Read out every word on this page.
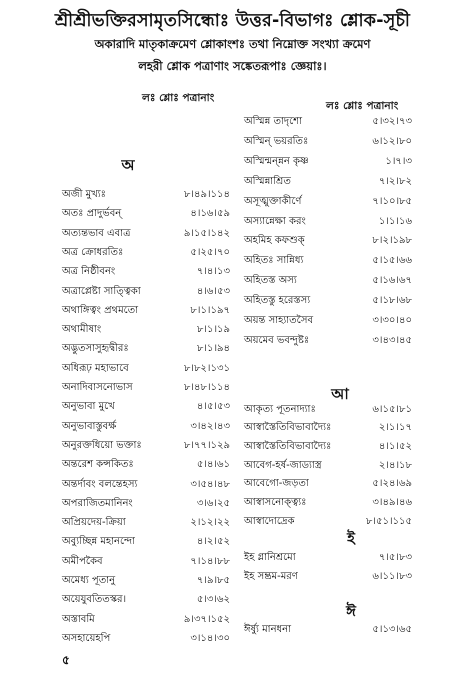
শ্রীশ্রীভক্তিরসামৃতসিন্ধোঃ উত্তর-বিভাগঃ শ্লোক-সূচী
অকারাদি মাতৃকাক্রমেণ শ্লোকাংশঃ তথা নিম্নোক্ত সংখ্যা ক্রমেণ
লহরী শ্লোক পত্রাণাং সঙ্কেতরূপাঃ জ্ঞেয়াঃ।
লঃ শ্লোঃ পত্রানাং
লঃ শ্লোঃ পত্রানাং
অ
অজী মুখ্যঃ	৮।৪৯।১১৪
অতঃ প্রাদুর্ভবন্	৪।১৬।৫৯
অত্যন্তভাব এবাত্র	৯।১৫।১৪২
অত্র ক্রোধরতিঃ	৫।২৫।৭০
অত্র নিষ্ঠীবনং	৭।৪।১৩
অত্রাপ্লেষ্টা সাত্ত্বিকা	৪।৬।৫৩
অথাঙ্গিত্বং প্রথমতো	৮।১।১৯৭
অথামীষাং	৮।১।১৯
অদ্ভুতসাসুহৃদ্বীরঃ	৮।১।৯৪
অধিরূঢ় মহাভাবে	৮।৮২।১৩১
অনাদিবাসনোভাস	৮।৪৮।১১৪
অনুভাবা মুখে	৪।৫।৫৩
অনুভাবাস্তুবর্ক্ষ	৩।৪২।৪৩
অনুরক্তধিয়ো ভক্তাঃ	৮।৭৭।১২৯
অন্তরেশ কন্সকিতঃ	৫।৪।৬১
অন্তর্দাবং বলন্তেহস্য	৩।৫৪।৪৮
অপরাজিতমানিনং	৩।৬।২৫
অপ্রিয়দেয়-ক্রিয়া	২।১২।২২
অব্যুচ্ছিন্ন মহানন্দো	৪।২।৫২
অমীপকৈব	৭।১৪।৮৮
অমেধ্য পূতানু	৭।৯।৮৫
অয়েযুবতিতস্কর।	৫।৩।৬২
অস্তাবমি	৯।৩৭।১৫২
অসহায়েহপি	৩।১৪।৩০
অস্মিন্ন তাদৃশো	৫।৩২।৭৩
অস্মিন্ ভয়রতিঃ	৬।১২।৮০
অস্মিন্মন্ন্নন কৃষ্ণ	১।৭।৩
অস্মিন্নাশ্রিত	৭।২।৮২
অসূত্মুক্তাকীর্ণে	৭।১০।৮৫
অস্যান্নেক্ষা করং	১।১।১৬
অহমিহ কফশুক্	৮।২।১৯৮
অহিতঃ সান্নিধ্য	৫।১৫।৬৬
অহিতস্ত অস্য	৫।১৬।৬৭
অহিতস্তু হরেস্তস্য	৫।১৮।৬৮
অয়ন্ত সাহ্যাতসৈব	৩।৩০।৪০
অয়মেব ভবন্দুষ্টঃ	৩।৪৩।৪৫
আ
আকৃত্য পূতনাদ্যাঃ	৬।১৫।৮১
আস্বাস্তৈতিবিভাবাদ্যৈঃ	২।১।১৭
আস্বাস্তৈতিবিভাবাদ্যৈঃ	৪।১।৫২
আবেগ-হর্ষ-জাড্যাস্ত্র	২।৪।১৮
আবেগো-জড়তা	৫।২৪।৬৯
আস্বাসনোক্ত্ব্যঃ	৩।৪৯।৪৬
আস্বাদোদ্রেক	৮।৫১।১১৫
ই
ইহ গ্লানিশ্রমো	৭।৫।৮৩
ইহ সম্ভ্রম-মরণ	৬।১১।৮৩
ঈ
ঈর্ষ্যু মানধনা	৫।১৩।৬৫
৫
